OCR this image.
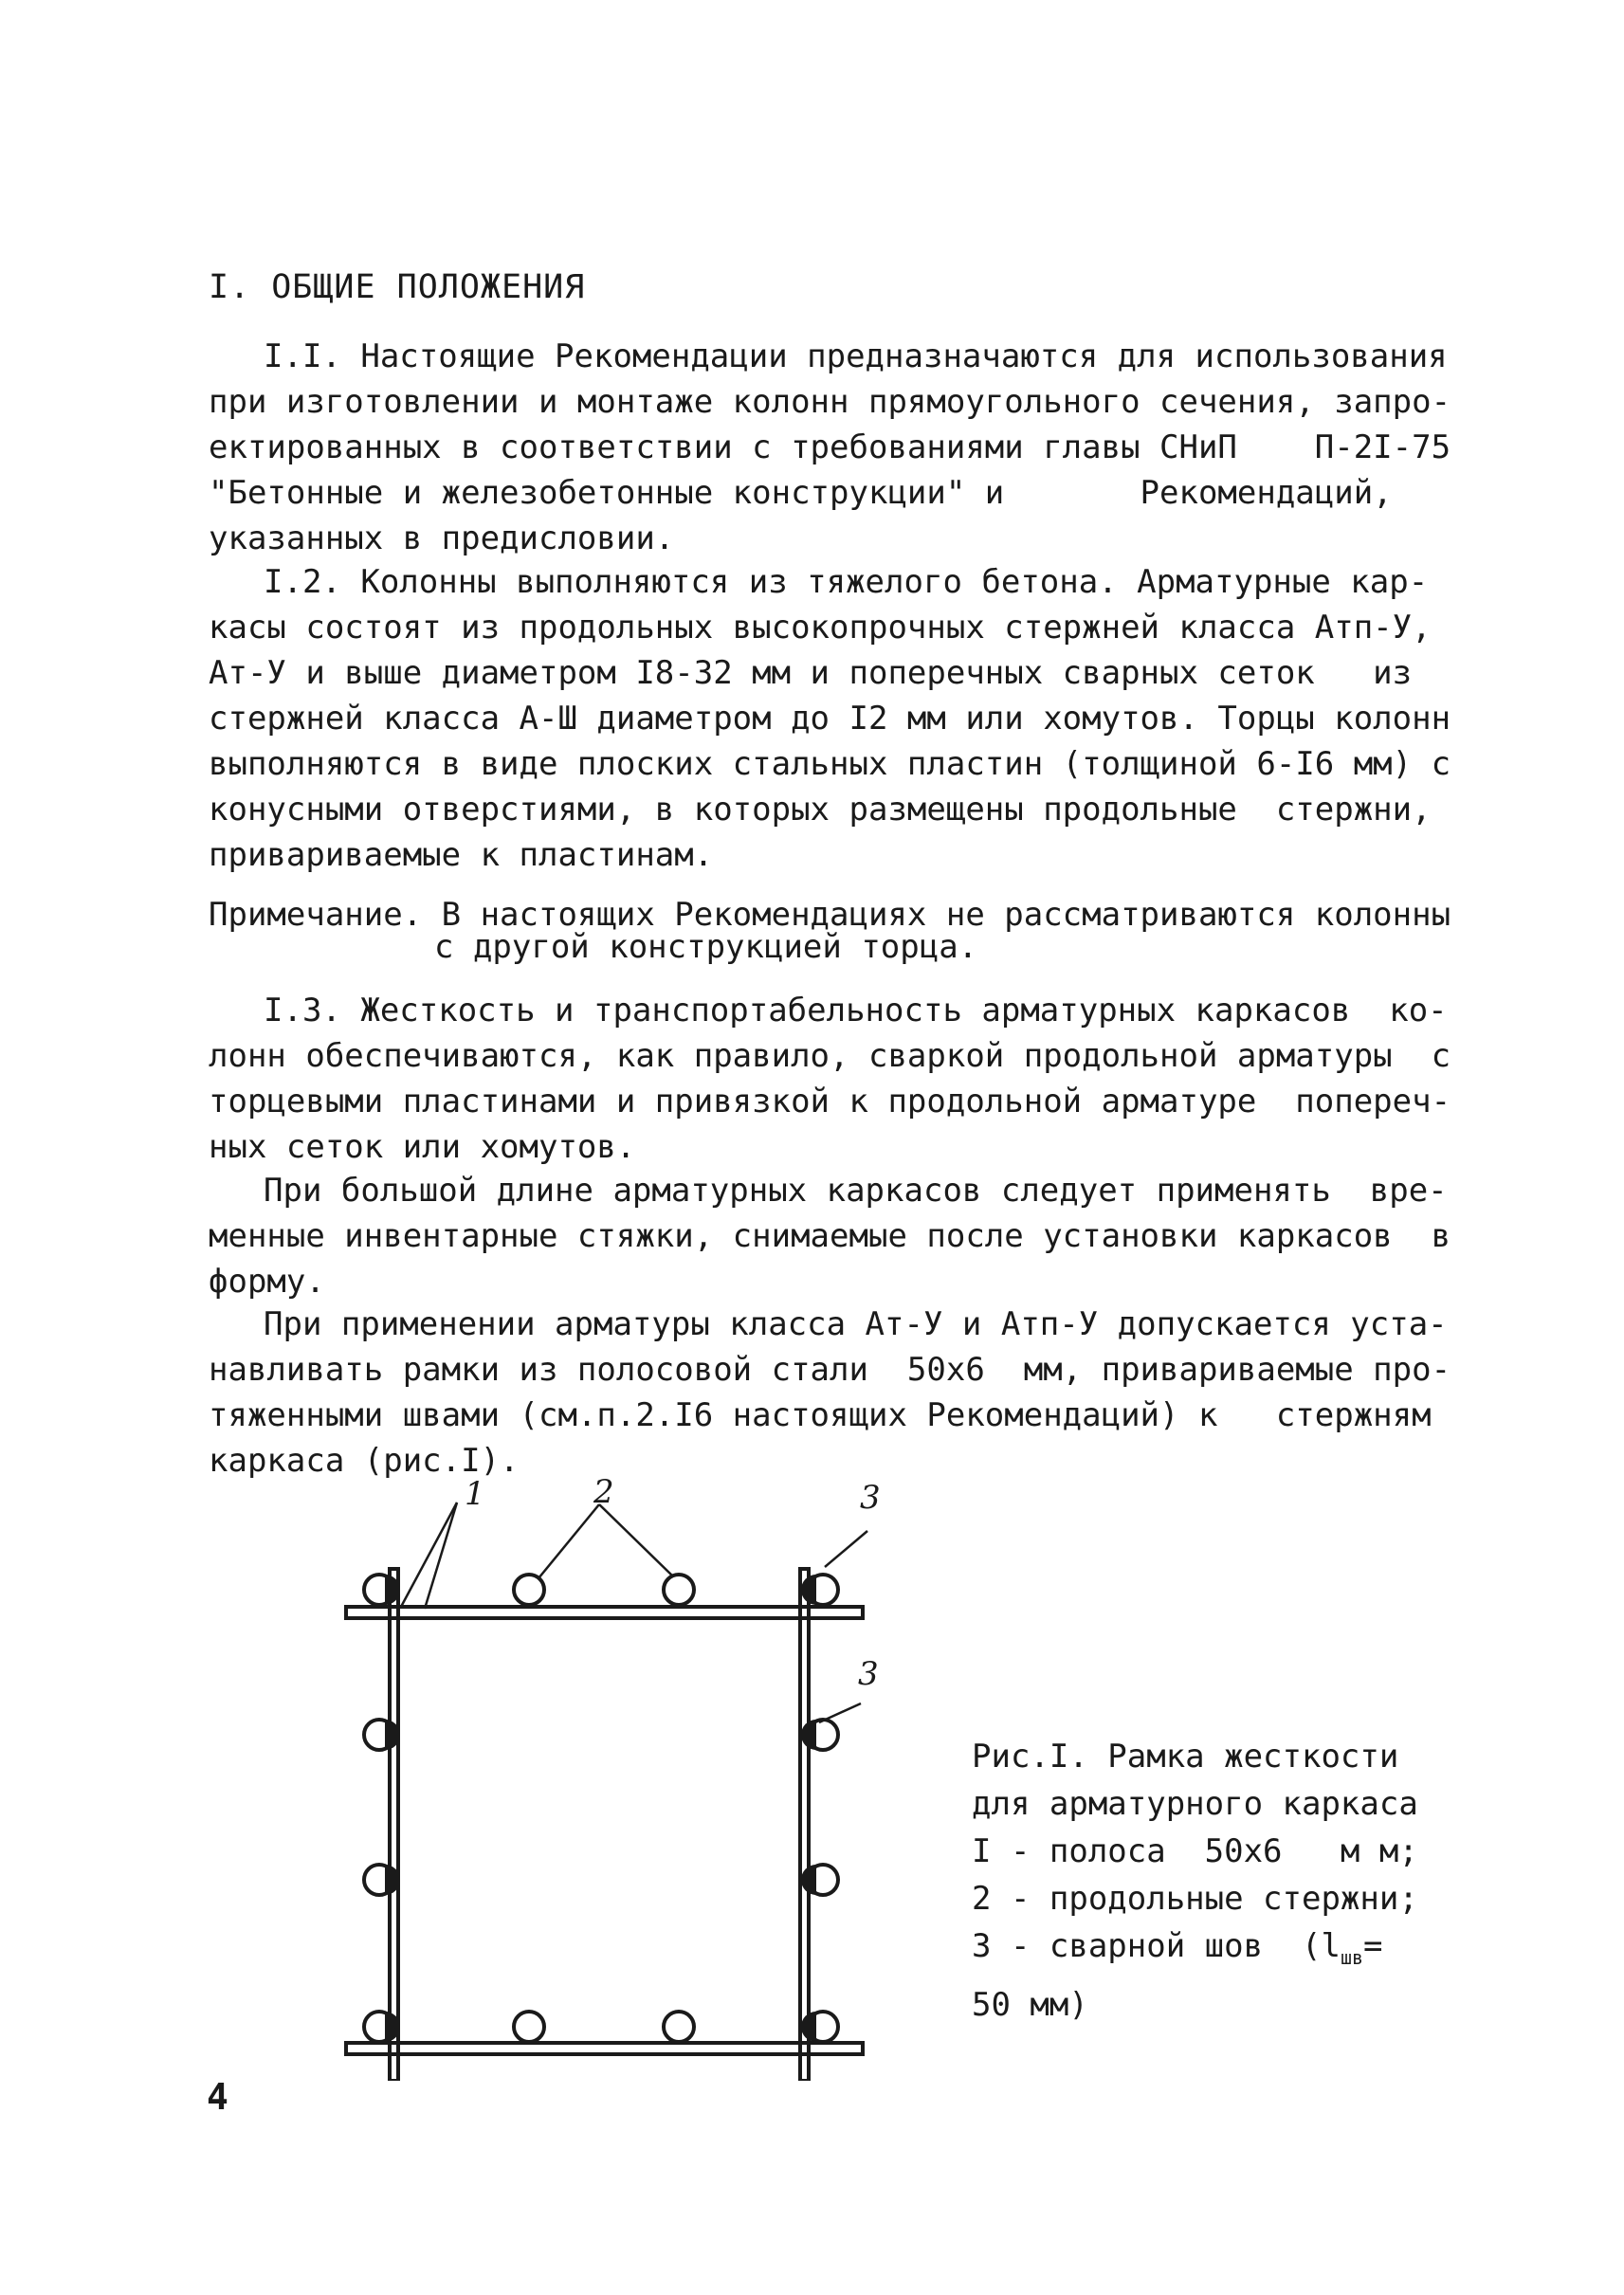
I. ОБЩИЕ ПОЛОЖЕНИЯ
I.I. Настоящие Рекомендации предназначаются для использования
при изготовлении и монтаже колонн прямоугольного сечения, запро-
ектированных в соответствии с требованиями главы СНиП    П-2I-75
"Бетонные и железобетонные конструкции" и       Рекомендаций,
указанных в предисловии.
I.2. Колонны выполняются из тяжелого бетона. Арматурные кар-
касы состоят из продольных высокопрочных стержней класса Атп-У,
Ат-У и выше диаметром I8-32 мм и поперечных сварных сеток   из
стержней класса А-Ш диаметром до I2 мм или хомутов. Торцы колонн
выполняются в виде плоских стальных пластин (толщиной 6-I6 мм) с
конусными отверстиями, в которых размещены продольные  стержни,
привариваемые к пластинам.
Примечание. В настоящих Рекомендациях не рассматриваются колонны
с другой конструкцией торца.
I.3. Жесткость и транспортабельность арматурных каркасов  ко-
лонн обеспечиваются, как правило, сваркой продольной арматуры  с
торцевыми пластинами и привязкой к продольной арматуре  попереч-
ных сеток или хомутов.
При большой длине арматурных каркасов следует применять  вре-
менные инвентарные стяжки, снимаемые после установки каркасов  в
форму.
При применении арматуры класса Ат-У и Атп-У допускается уста-
навливать рамки из полосовой стали  50х6  мм, привариваемые про-
тяженными швами (см.п.2.I6 настоящих Рекомендаций) к   стержням
каркаса (рис.I).
1	2	3
3
Рис.I. Рамка жесткости
для арматурного каркаса
I - полоса  50х6   м м;
2 - продольные стержни;
3 - сварной шов  ($l_{шв}=$
50 мм)
4
